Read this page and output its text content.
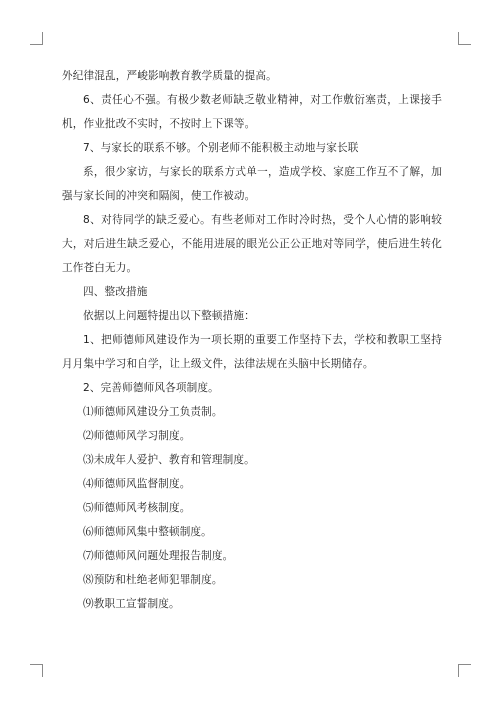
外纪律混乱，严峻影响教育教学质量的提高。

6、责任心不强。有极少数老师缺乏敬业精神，对工作敷衍塞责，上课接手机，作业批改不实时，不按时上下课等。

7、与家长的联系不够。个别老师不能积极主动地与家长联

系，很少家访，与家长的联系方式单一，造成学校、家庭工作互不了解，加强与家长间的冲突和隔阂，使工作被动。

8、对待同学的缺乏爱心。有些老师对工作时冷时热，受个人心情的影响较大，对后进生缺乏爱心，不能用进展的眼光公正公正地对等同学，使后进生转化工作苍白无力。

四、整改措施

依据以上问题特提出以下整顿措施：

1、把师德师风建设作为一项长期的重要工作坚持下去，学校和教职工坚持月月集中学习和自学，让上级文件，法律法规在头脑中长期储存。

2、完善师德师风各项制度。

⑴师德师风建设分工负责制。

⑵师德师风学习制度。

⑶未成年人爱护、教育和管理制度。

⑷师德师风监督制度。

⑸师德师风考核制度。

⑹师德师风集中整顿制度。

⑺师德师风问题处理报告制度。

⑻预防和杜绝老师犯罪制度。

⑼教职工宣誓制度。
